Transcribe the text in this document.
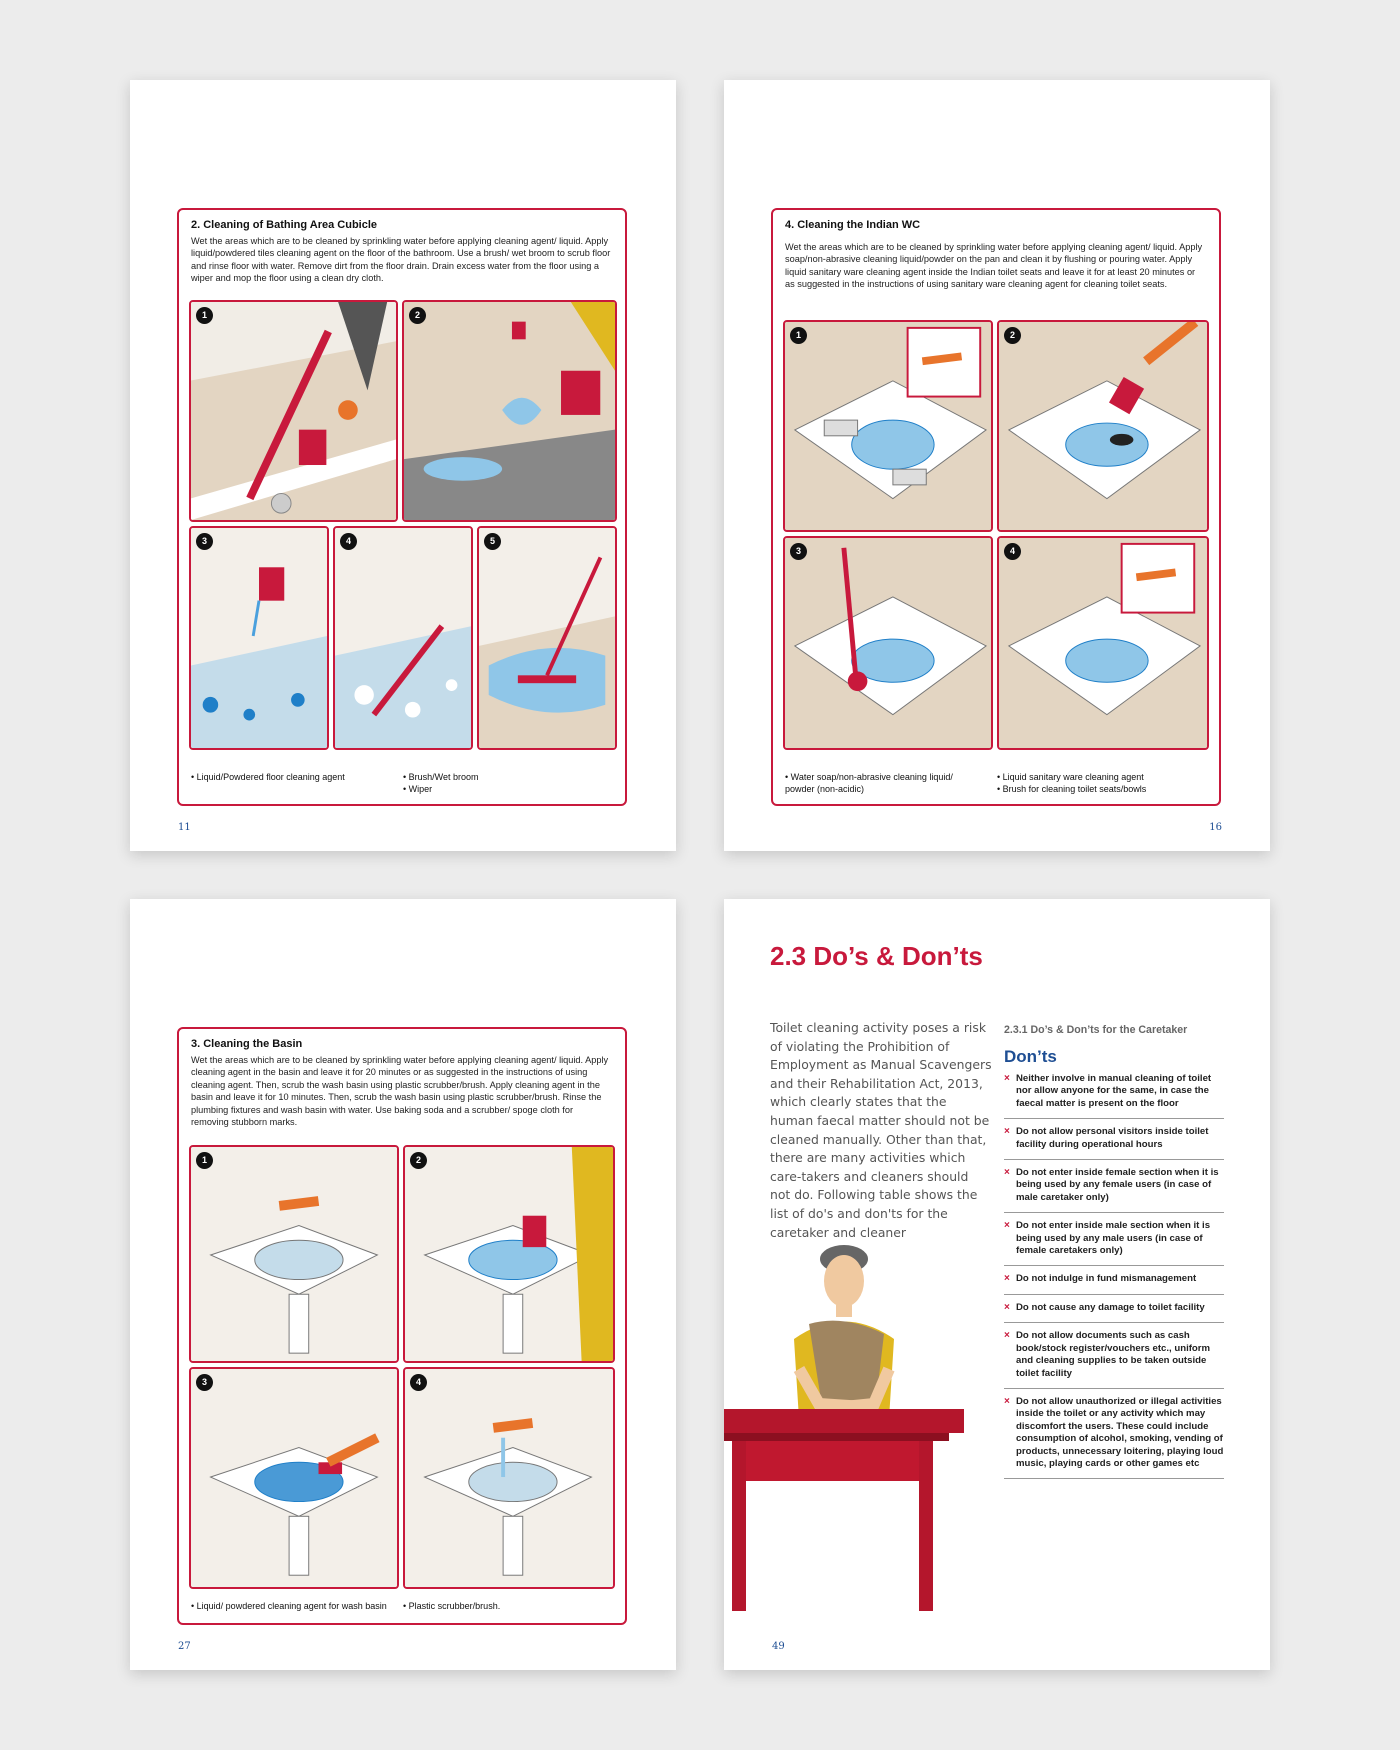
2. Cleaning of Bathing Area Cubicle

Wet the areas which are to be cleaned by sprinkling water before applying cleaning agent/ liquid. Apply liquid/powdered tiles cleaning agent on the floor of the bathroom. Use a brush/ wet broom to scrub floor and rinse floor with water. Remove dirt from the floor drain. Drain excess water from the floor using a wiper and mop the floor using a clean dry cloth.

1	2
3	4	5
• Liquid/Powdered floor cleaning agent	• Brush/Wet broom
• Wiper
11
4. Cleaning the Indian WC

Wet the areas which are to be cleaned by sprinkling water before applying cleaning agent/ liquid. Apply soap/non-abrasive cleaning liquid/powder on the pan and clean it by flushing or pouring water. Apply liquid sanitary ware cleaning agent inside the Indian toilet seats and leave it for at least 20 minutes or as suggested in the instructions of using sanitary ware cleaning agent for cleaning toilet seats.

1	2
3	4
• Water soap/non-abrasive cleaning liquid/ powder (non-acidic)
• Liquid sanitary ware cleaning agent
• Brush for cleaning toilet seats/bowls
16
3. Cleaning the Basin

Wet the areas which are to be cleaned by sprinkling water before applying cleaning agent/ liquid. Apply cleaning agent in the basin and leave it for 20 minutes or as suggested in the instructions of using cleaning agent. Then, scrub the wash basin using plastic scrubber/brush. Apply cleaning agent in the basin and leave it for 10 minutes. Then, scrub the wash basin using plastic scrubber/brush. Rinse the plumbing fixtures and wash basin with water. Use baking soda and a scrubber/ spoge cloth for removing stubborn marks.

1	2
3	4
• Liquid/ powdered cleaning agent for wash basin	• Plastic scrubber/brush.
27
2.3 Do’s & Don’ts
Toilet cleaning activity poses a risk of violating the Prohibition of Employment as Manual Scavengers and their Rehabilitation Act, 2013, which clearly states that the human faecal matter should not be cleaned manually. Other than that, there are many activities which care-takers and cleaners should not do. Following table shows the list of do's and don'ts for the caretaker and cleaner
2.3.1 Do’s & Don’ts for the Caretaker
Don’ts
× Neither involve in manual cleaning of toilet nor allow anyone for the same, in case the faecal matter is present on the floor
× Do not allow personal visitors inside toilet facility during operational hours
× Do not enter inside female section when it is being used by any female users (in case of male caretaker only)
× Do not enter inside male section when it is being used by any male users (in case of female caretakers only)
× Do not indulge in fund mismanagement
× Do not cause any damage to toilet facility
× Do not allow documents such as cash book/stock register/vouchers etc., uniform and cleaning supplies to be taken outside toilet facility
× Do not allow unauthorized or illegal activities inside the toilet or any activity which may discomfort the users. These could include consumption of alcohol, smoking, vending of products, unnecessary loitering, playing loud music, playing cards or other games etc
49
